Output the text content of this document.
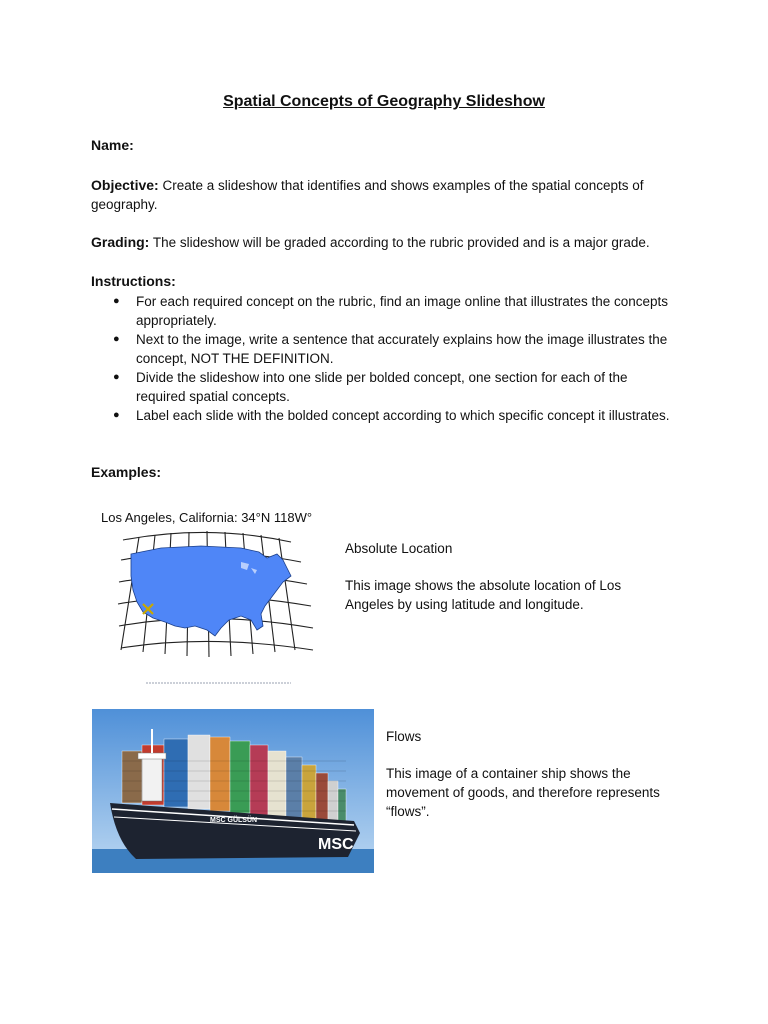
Spatial Concepts of Geography Slideshow
Name:
Objective: Create a slideshow that identifies and shows examples of the spatial concepts of geography.
Grading: The slideshow will be graded according to the rubric provided and is a major grade.
Instructions:
● For each required concept on the rubric, find an image online that illustrates the concepts appropriately.
● Next to the image, write a sentence that accurately explains how the image illustrates the concept, NOT THE DEFINITION.
● Divide the slideshow into one slide per bolded concept, one section for each of the required spatial concepts.
● Label each slide with the bolded concept according to which specific concept it illustrates.
Examples:
Los Angeles, California: 34°N 118W°
Absolute Location
This image shows the absolute location of Los Angeles by using latitude and longitude.
MSC GÜLSÜN
MSC
Flows
This image of a container ship shows the movement of goods, and therefore represents “flows”.
